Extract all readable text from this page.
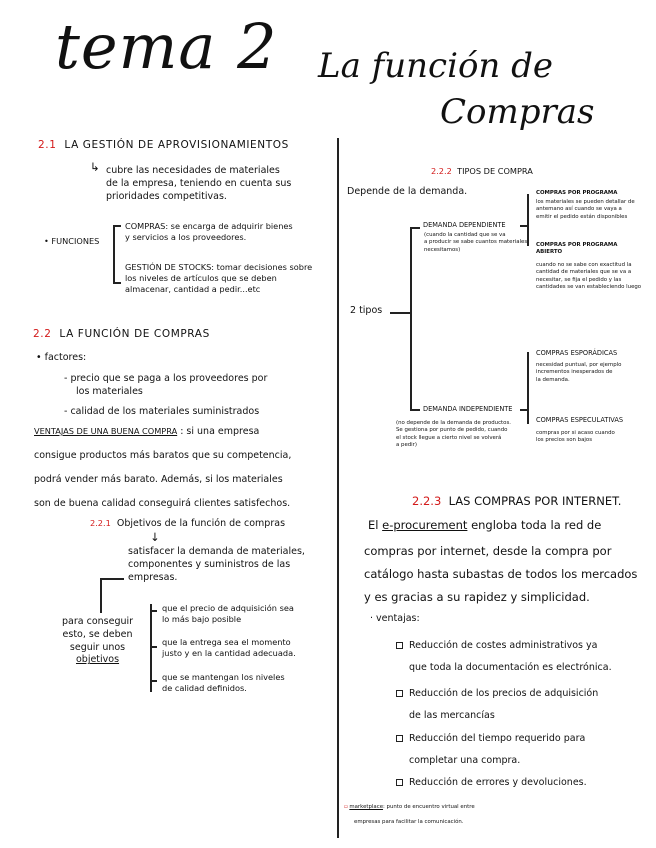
tema 2 La función de
Compras
2.1 LA GESTIÓN DE APROVISIONAMIENTOS
↳ cubre las necesidades de materiales
de la empresa, teniendo en cuenta sus
prioridades competitivas.
• FUNCIONES
COMPRAS: se encarga de adquirir bienes
y servicios a los proveedores.
GESTIÓN DE STOCKS: tomar decisiones sobre
los niveles de artículos que se deben
almacenar, cantidad a pedir...etc
2.2 LA FUNCIÓN DE COMPRAS
• factores:
- precio que se paga a los proveedores por
los materiales
- calidad de los materiales suministrados
VENTAJAS DE UNA BUENA COMPRA : si una empresa
consigue productos más baratos que su competencia,
podrá vender más barato. Además, si los materiales
son de buena calidad conseguirá clientes satisfechos.
2.2.1 Objetivos de la función de compras
↓
satisfacer la demanda de materiales,
componentes y suministros de las
empresas.
para conseguir
esto, se deben
seguir unos
objetivos
que el precio de adquisición sea
lo más bajo posible
que la entrega sea el momento
justo y en la cantidad adecuada.
que se mantengan los niveles
de calidad definidos.
2.2.2 TIPOS DE COMPRA
Depende de la demanda.
2 tipos
DEMANDA DEPENDIENTE
(cuando la cantidad que se va
a producir se sabe cuantos materiales
necesitamos)
COMPRAS POR PROGRAMA
los materiales se pueden detallar de
antemano así cuando se vaya a
emitir el pedido están disponibles
COMPRAS POR PROGRAMA
ABIERTO
cuando no se sabe con exactitud la
cantidad de materiales que se va a
necesitar, se fija el pedido y las
cantidades se van estableciendo luego
DEMANDA INDEPENDIENTE
(no depende de la demanda de productos.
Se gestiona por punto de pedido, cuando
el stock llegue a cierto nivel se volverá
a pedir)
COMPRAS ESPORÁDICAS
necesidad puntual, por ejemplo
incrementos inesperados de
la demanda.
COMPRAS ESPECULATIVAS
compras por si acaso cuando
los precios son bajos
2.2.3 LAS COMPRAS POR INTERNET.
El e-procurement engloba toda la red de
compras por internet, desde la compra por
catálogo hasta subastas de todos los mercados
y es gracias a su rapidez y simplicidad.
· ventajas:
Reducción de costes administrativos ya
que toda la documentación es electrónica.
Reducción de los precios de adquisición
de las mercancías
Reducción del tiempo requerido para
completar una compra.
Reducción de errores y devoluciones.
▫ marketplace: punto de encuentro virtual entre
empresas para facilitar la comunicación.
